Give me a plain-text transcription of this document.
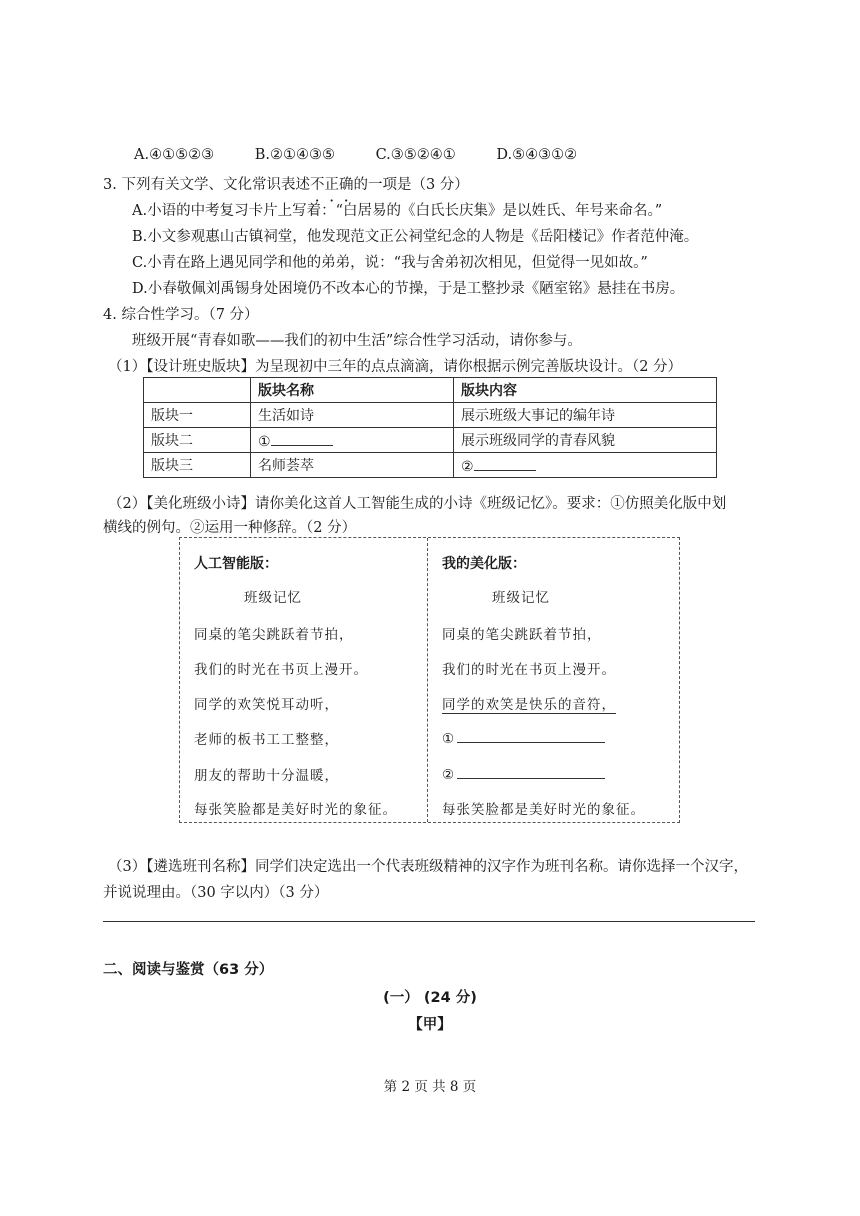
A.④①⑤②③	B.②①④③⑤	C.③⑤②④①	D.⑤④③①②
3. 下列有关文学、文化常识表述不正确的一项是（3 分）
A.小语的中考复习卡片上写着：“白居易的《白氏长庆集》是以姓氏、年号来命名。”
B.小文参观惠山古镇祠堂，他发现范文正公祠堂纪念的人物是《岳阳楼记》作者范仲淹。
C.小青在路上遇见同学和他的弟弟，说：“我与舍弟初次相见，但觉得一见如故。”
D.小春敬佩刘禹锡身处困境仍不改本心的节操，于是工整抄录《陋室铭》悬挂在书房。
4. 综合性学习。（7 分）
班级开展“青春如歌——我们的初中生活”综合性学习活动，请你参与。
（1）【设计班史版块】为呈现初中三年的点点滴滴，请你根据示例完善版块设计。（2 分）
	版块名称	版块内容
版块一	生活如诗	展示班级大事记的编年诗
版块二	①	展示班级同学的青春风貌
版块三	名师荟萃	②
（2）【美化班级小诗】请你美化这首人工智能生成的小诗《班级记忆》。要求：①仿照美化版中划
横线的例句。②运用一种修辞。（2 分）
人工智能版：
班级记忆
同桌的笔尖跳跃着节拍，
我们的时光在书页上漫开。
同学的欢笑悦耳动听，
老师的板书工工整整，
朋友的帮助十分温暖，
每张笑脸都是美好时光的象征。
我的美化版：
班级记忆
同桌的笔尖跳跃着节拍，
我们的时光在书页上漫开。
同学的欢笑是快乐的音符，
①
②
每张笑脸都是美好时光的象征。
（3）【遴选班刊名称】同学们决定选出一个代表班级精神的汉字作为班刊名称。请你选择一个汉字，
并说说理由。（30 字以内）（3 分）
二、阅读与鉴赏（63 分）
(一） (24 分)
【甲】
第 2 页 共 8 页
